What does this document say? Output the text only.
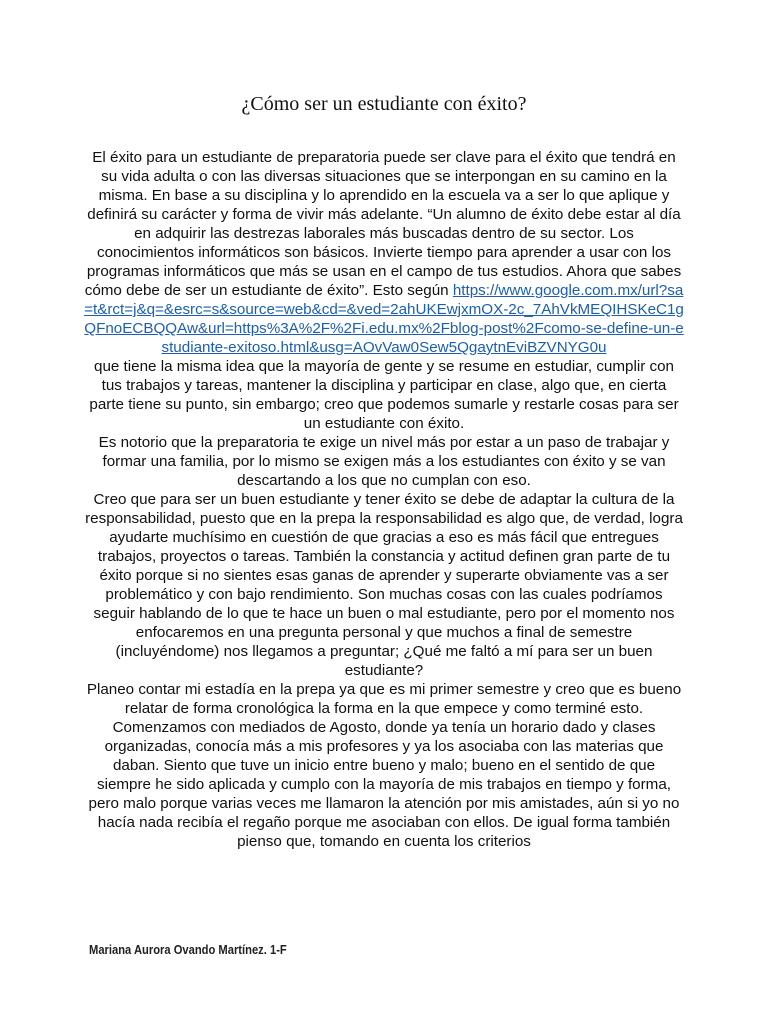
¿Cómo ser un estudiante con éxito?

El éxito para un estudiante de preparatoria puede ser clave para el éxito que tendrá en su vida adulta o con las diversas situaciones que se interpongan en su camino en la misma. En base a su disciplina y lo aprendido en la escuela va a ser lo que aplique y definirá su carácter y forma de vivir más adelante. “Un alumno de éxito debe estar al día en adquirir las destrezas laborales más buscadas dentro de su sector. Los conocimientos informáticos son básicos. Invierte tiempo para aprender a usar con los programas informáticos que más se usan en el campo de tus estudios. Ahora que sabes cómo debe de ser un estudiante de éxito”. Esto según https://www.google.com.mx/url?sa=t&rct=j&q=&esrc=s&source=web&cd=&ved=2ahUKEwjxmOX-2c_7AhVkMEQIHSKeC1gQFnoECBQQAw&url=https%3A%2F%2Fi.edu.mx%2Fblog-post%2Fcomo-se-define-un-estudiante-exitoso.html&usg=AOvVaw0Sew5QgaytnEviBZVNYG0u

que tiene la misma idea que la mayoría de gente y se resume en estudiar, cumplir con tus trabajos y tareas, mantener la disciplina y participar en clase, algo que, en cierta parte tiene su punto, sin embargo; creo que podemos sumarle y restarle cosas para ser un estudiante con éxito.

Es notorio que la preparatoria te exige un nivel más por estar a un paso de trabajar y formar una familia, por lo mismo se exigen más a los estudiantes con éxito y se van descartando a los que no cumplan con eso.

Creo que para ser un buen estudiante y tener éxito se debe de adaptar la cultura de la responsabilidad, puesto que en la prepa la responsabilidad es algo que, de verdad, logra ayudarte muchísimo en cuestión de que gracias a eso es más fácil que entregues trabajos, proyectos o tareas. También la constancia y actitud definen gran parte de tu éxito porque si no sientes esas ganas de aprender y superarte obviamente vas a ser problemático y con bajo rendimiento. Son muchas cosas con las cuales podríamos seguir hablando de lo que te hace un buen o mal estudiante, pero por el momento nos enfocaremos en una pregunta personal y que muchos a final de semestre (incluyéndome) nos llegamos a preguntar; ¿Qué me faltó a mí para ser un buen estudiante?

Planeo contar mi estadía en la prepa ya que es mi primer semestre y creo que es bueno relatar de forma cronológica la forma en la que empece y como terminé esto.

Comenzamos con mediados de Agosto, donde ya tenía un horario dado y clases organizadas, conocía más a mis profesores y ya los asociaba con las materias que daban. Siento que tuve un inicio entre bueno y malo; bueno en el sentido de que siempre he sido aplicada y cumplo con la mayoría de mis trabajos en tiempo y forma, pero malo porque varias veces me llamaron la atención por mis amistades, aún si yo no hacía nada recibía el regaño porque me asociaban con ellos. De igual forma también pienso que, tomando en cuenta los criterios

Mariana Aurora Ovando Martínez. 1-F
